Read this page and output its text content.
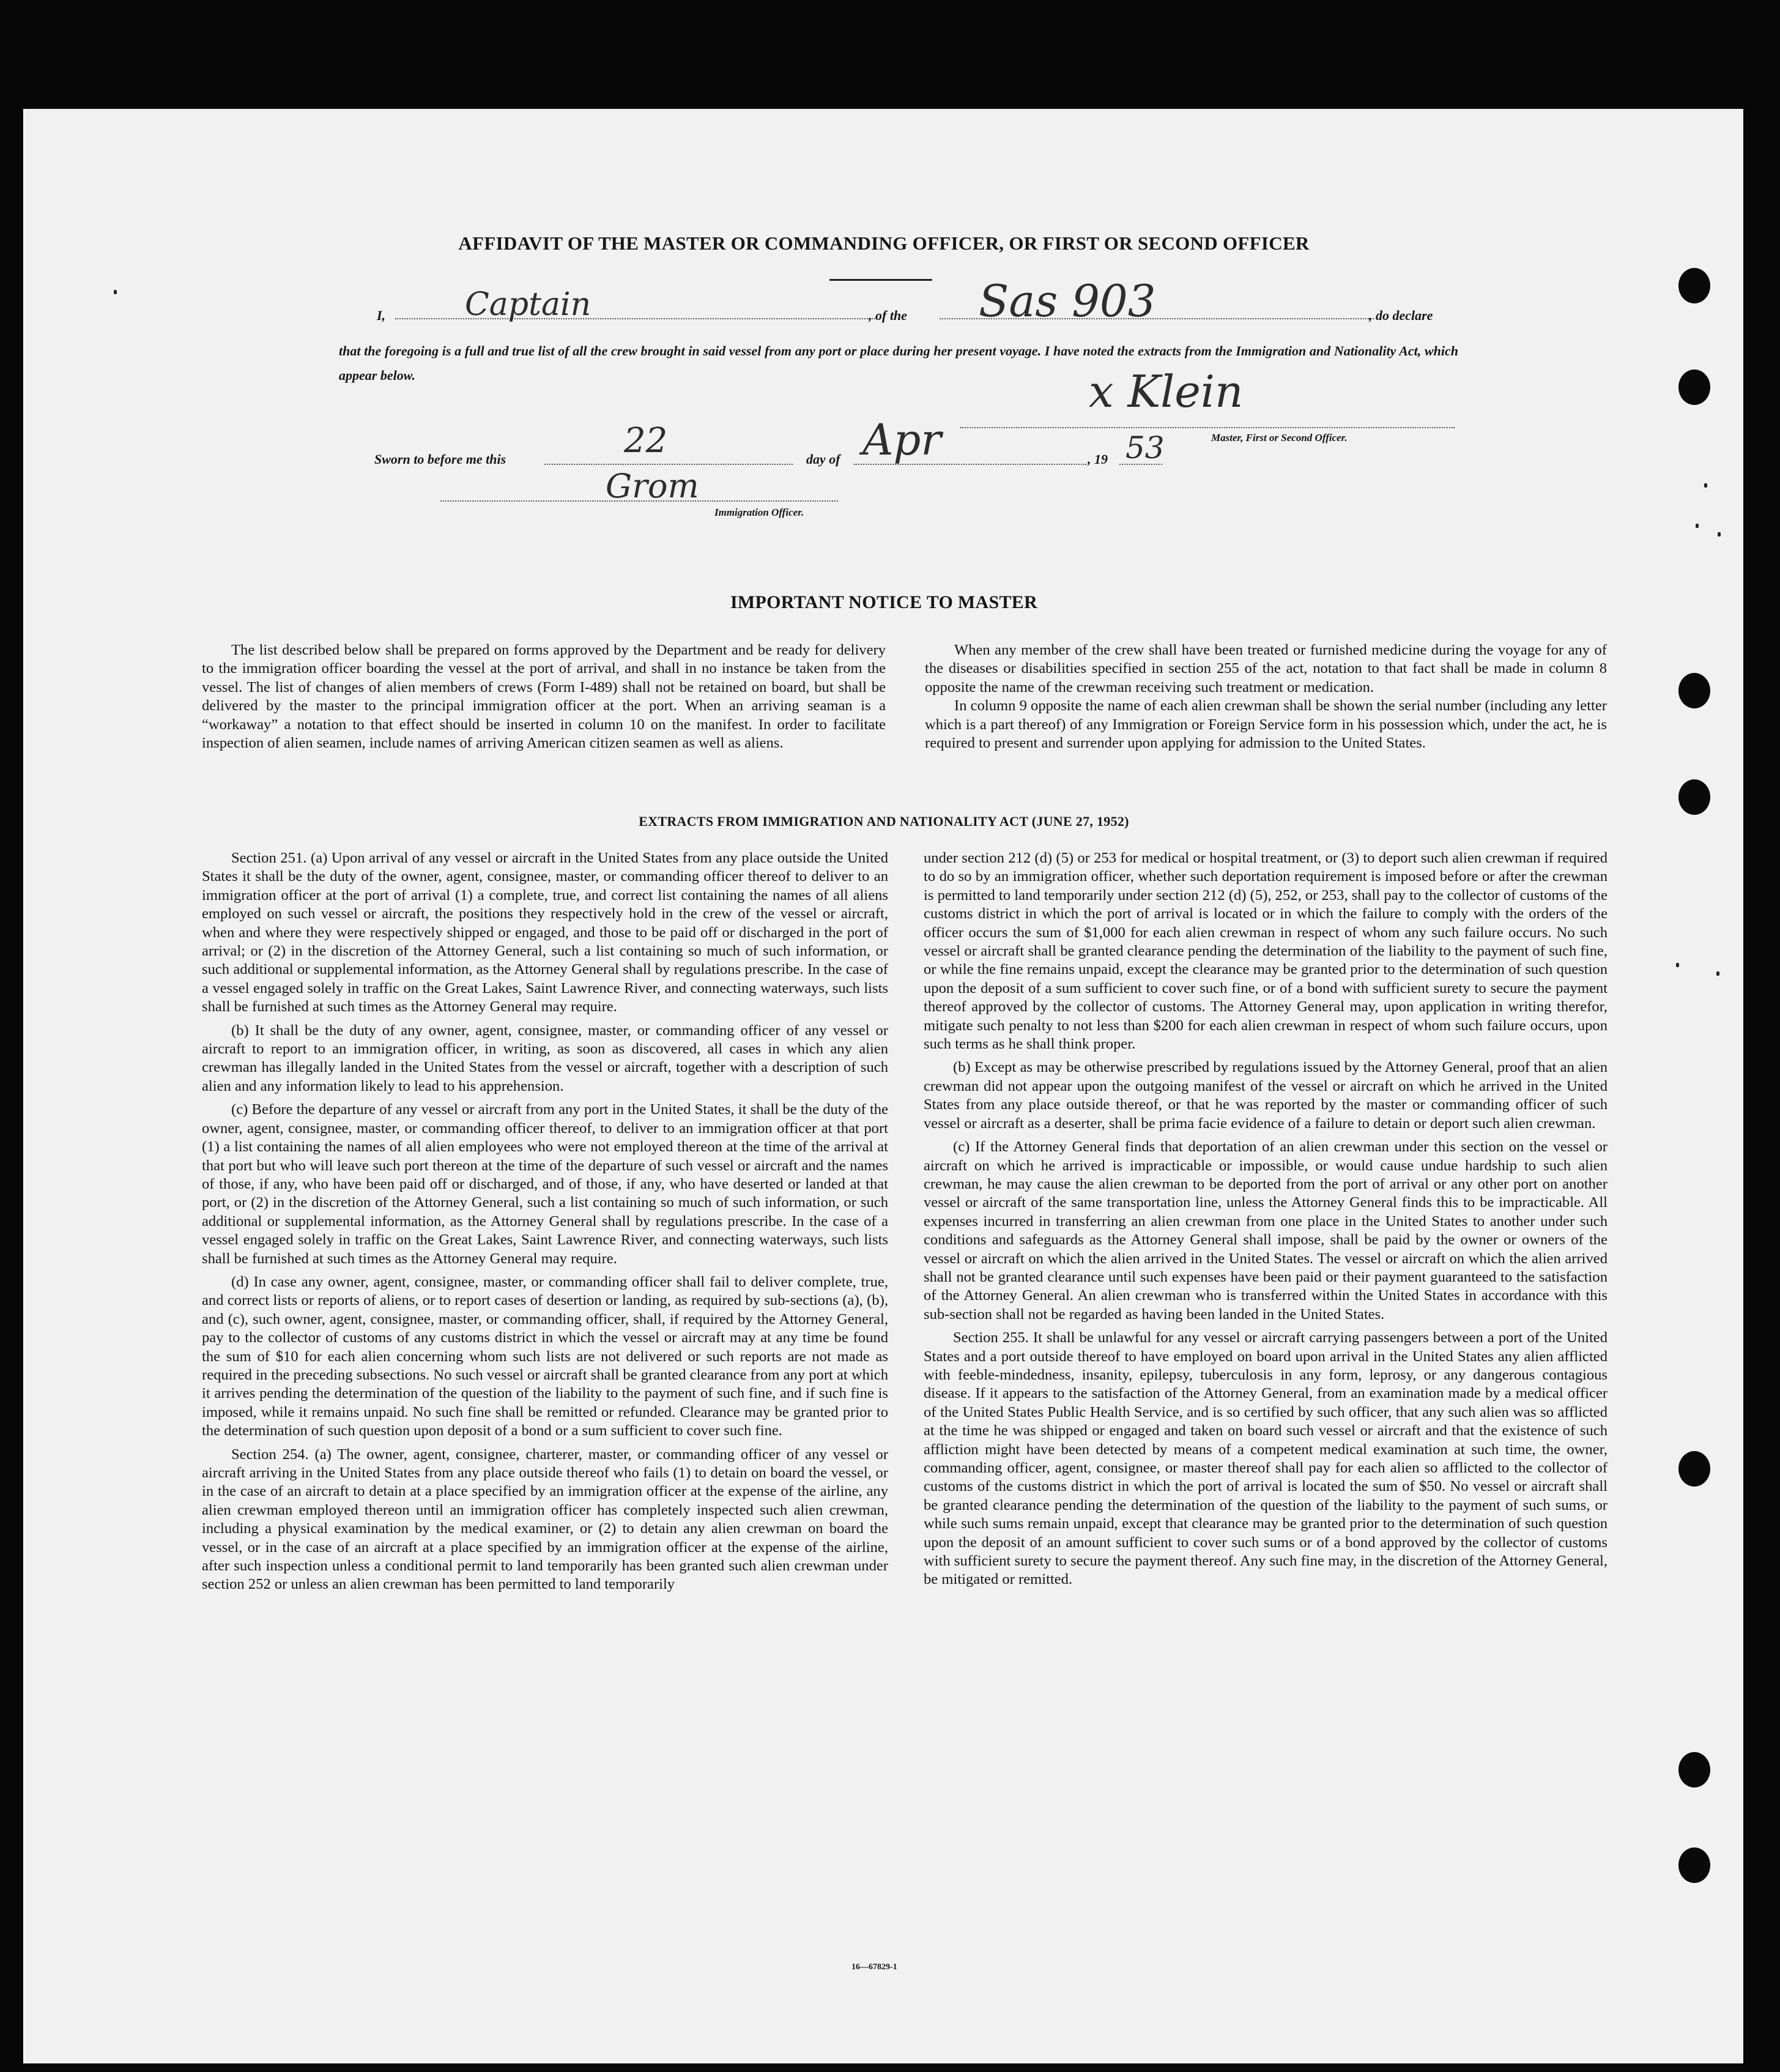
AFFIDAVIT OF THE MASTER OR COMMANDING OFFICER, OR FIRST OR SECOND OFFICER
I, Captain	, of the Sas 903	, do declare
that the foregoing is a full and true list of all the crew brought in said vessel from any port or place during her present voyage. I have noted the extracts from the Immigration and Nationality Act, which appear below.	x Klein
Master, First or Second Officer.
Sworn to before me this	22	day of Apr	, 19 53
Grom
Immigration Officer.
IMPORTANT NOTICE TO MASTER

The list described below shall be prepared on forms approved by the Department and be ready for delivery to the immigration officer boarding the vessel at the port of arrival, and shall in no instance be taken from the vessel. The list of changes of alien members of crews (Form I-489) shall not be retained on board, but shall be delivered by the master to the principal immigration officer at the port. When an arriving seaman is a “workaway” a notation to that effect should be inserted in column 10 on the manifest. In order to facilitate inspection of alien seamen, include names of arriving American citizen seamen as well as aliens.

When any member of the crew shall have been treated or furnished medicine during the voyage for any of the diseases or disabilities specified in section 255 of the act, notation to that fact shall be made in column 8 opposite the name of the crewman receiving such treatment or medication.

In column 9 opposite the name of each alien crewman shall be shown the serial number (including any letter which is a part thereof) of any Immigration or Foreign Service form in his possession which, under the act, he is required to present and surrender upon applying for admission to the United States.

EXTRACTS FROM IMMIGRATION AND NATIONALITY ACT (JUNE 27, 1952)

Section 251. (a) Upon arrival of any vessel or aircraft in the United States from any place outside the United States it shall be the duty of the owner, agent, consignee, master, or commanding officer thereof to deliver to an immigration officer at the port of arrival (1) a complete, true, and correct list containing the names of all aliens employed on such vessel or aircraft, the positions they respectively hold in the crew of the vessel or aircraft, when and where they were respectively shipped or engaged, and those to be paid off or discharged in the port of arrival; or (2) in the discretion of the Attorney General, such a list containing so much of such information, or such additional or supplemental information, as the Attorney General shall by regulations prescribe. In the case of a vessel engaged solely in traffic on the Great Lakes, Saint Lawrence River, and connecting waterways, such lists shall be furnished at such times as the Attorney General may require.

(b) It shall be the duty of any owner, agent, consignee, master, or commanding officer of any vessel or aircraft to report to an immigration officer, in writing, as soon as discovered, all cases in which any alien crewman has illegally landed in the United States from the vessel or aircraft, together with a description of such alien and any information likely to lead to his apprehension.

(c) Before the departure of any vessel or aircraft from any port in the United States, it shall be the duty of the owner, agent, consignee, master, or commanding officer thereof, to deliver to an immigration officer at that port (1) a list containing the names of all alien employees who were not employed thereon at the time of the arrival at that port but who will leave such port thereon at the time of the departure of such vessel or aircraft and the names of those, if any, who have been paid off or discharged, and of those, if any, who have deserted or landed at that port, or (2) in the discretion of the Attorney General, such a list containing so much of such information, or such additional or supplemental information, as the Attorney General shall by regulations prescribe. In the case of a vessel engaged solely in traffic on the Great Lakes, Saint Lawrence River, and connecting waterways, such lists shall be furnished at such times as the Attorney General may require.

(d) In case any owner, agent, consignee, master, or commanding officer shall fail to deliver complete, true, and correct lists or reports of aliens, or to report cases of desertion or landing, as required by sub-sections (a), (b), and (c), such owner, agent, consignee, master, or commanding officer, shall, if required by the Attorney General, pay to the collector of customs of any customs district in which the vessel or aircraft may at any time be found the sum of $10 for each alien concerning whom such lists are not delivered or such reports are not made as required in the preceding subsections. No such vessel or aircraft shall be granted clearance from any port at which it arrives pending the determination of the question of the liability to the payment of such fine, and if such fine is imposed, while it remains unpaid. No such fine shall be remitted or refunded. Clearance may be granted prior to the determination of such question upon deposit of a bond or a sum sufficient to cover such fine.

Section 254. (a) The owner, agent, consignee, charterer, master, or commanding officer of any vessel or aircraft arriving in the United States from any place outside thereof who fails (1) to detain on board the vessel, or in the case of an aircraft to detain at a place specified by an immigration officer at the expense of the airline, any alien crewman employed thereon until an immigration officer has completely inspected such alien crewman, including a physical examination by the medical examiner, or (2) to detain any alien crewman on board the vessel, or in the case of an aircraft at a place specified by an immigration officer at the expense of the airline, after such inspection unless a conditional permit to land temporarily has been granted such alien crewman under section 252 or unless an alien crewman has been permitted to land temporarily

under section 212 (d) (5) or 253 for medical or hospital treatment, or (3) to deport such alien crewman if required to do so by an immigration officer, whether such deportation requirement is imposed before or after the crewman is permitted to land temporarily under section 212 (d) (5), 252, or 253, shall pay to the collector of customs of the customs district in which the port of arrival is located or in which the failure to comply with the orders of the officer occurs the sum of $1,000 for each alien crewman in respect of whom any such failure occurs. No such vessel or aircraft shall be granted clearance pending the determination of the liability to the payment of such fine, or while the fine remains unpaid, except the clearance may be granted prior to the determination of such question upon the deposit of a sum sufficient to cover such fine, or of a bond with sufficient surety to secure the payment thereof approved by the collector of customs. The Attorney General may, upon application in writing therefor, mitigate such penalty to not less than $200 for each alien crewman in respect of whom such failure occurs, upon such terms as he shall think proper.

(b) Except as may be otherwise prescribed by regulations issued by the Attorney General, proof that an alien crewman did not appear upon the outgoing manifest of the vessel or aircraft on which he arrived in the United States from any place outside thereof, or that he was reported by the master or commanding officer of such vessel or aircraft as a deserter, shall be prima facie evidence of a failure to detain or deport such alien crewman.

(c) If the Attorney General finds that deportation of an alien crewman under this section on the vessel or aircraft on which he arrived is impracticable or impossible, or would cause undue hardship to such alien crewman, he may cause the alien crewman to be deported from the port of arrival or any other port on another vessel or aircraft of the same transportation line, unless the Attorney General finds this to be impracticable. All expenses incurred in transferring an alien crewman from one place in the United States to another under such conditions and safeguards as the Attorney General shall impose, shall be paid by the owner or owners of the vessel or aircraft on which the alien arrived in the United States. The vessel or aircraft on which the alien arrived shall not be granted clearance until such expenses have been paid or their payment guaranteed to the satisfaction of the Attorney General. An alien crewman who is transferred within the United States in accordance with this sub-section shall not be regarded as having been landed in the United States.

Section 255. It shall be unlawful for any vessel or aircraft carrying passengers between a port of the United States and a port outside thereof to have employed on board upon arrival in the United States any alien afflicted with feeble-mindedness, insanity, epilepsy, tuberculosis in any form, leprosy, or any dangerous contagious disease. If it appears to the satisfaction of the Attorney General, from an examination made by a medical officer of the United States Public Health Service, and is so certified by such officer, that any such alien was so afflicted at the time he was shipped or engaged and taken on board such vessel or aircraft and that the existence of such affliction might have been detected by means of a competent medical examination at such time, the owner, commanding officer, agent, consignee, or master thereof shall pay for each alien so afflicted to the collector of customs of the customs district in which the port of arrival is located the sum of $50. No vessel or aircraft shall be granted clearance pending the determination of the question of the liability to the payment of such sums, or while such sums remain unpaid, except that clearance may be granted prior to the determination of such question upon the deposit of an amount sufficient to cover such sums or of a bond approved by the collector of customs with sufficient surety to secure the payment thereof. Any such fine may, in the discretion of the Attorney General, be mitigated or remitted.

16—67829-1
